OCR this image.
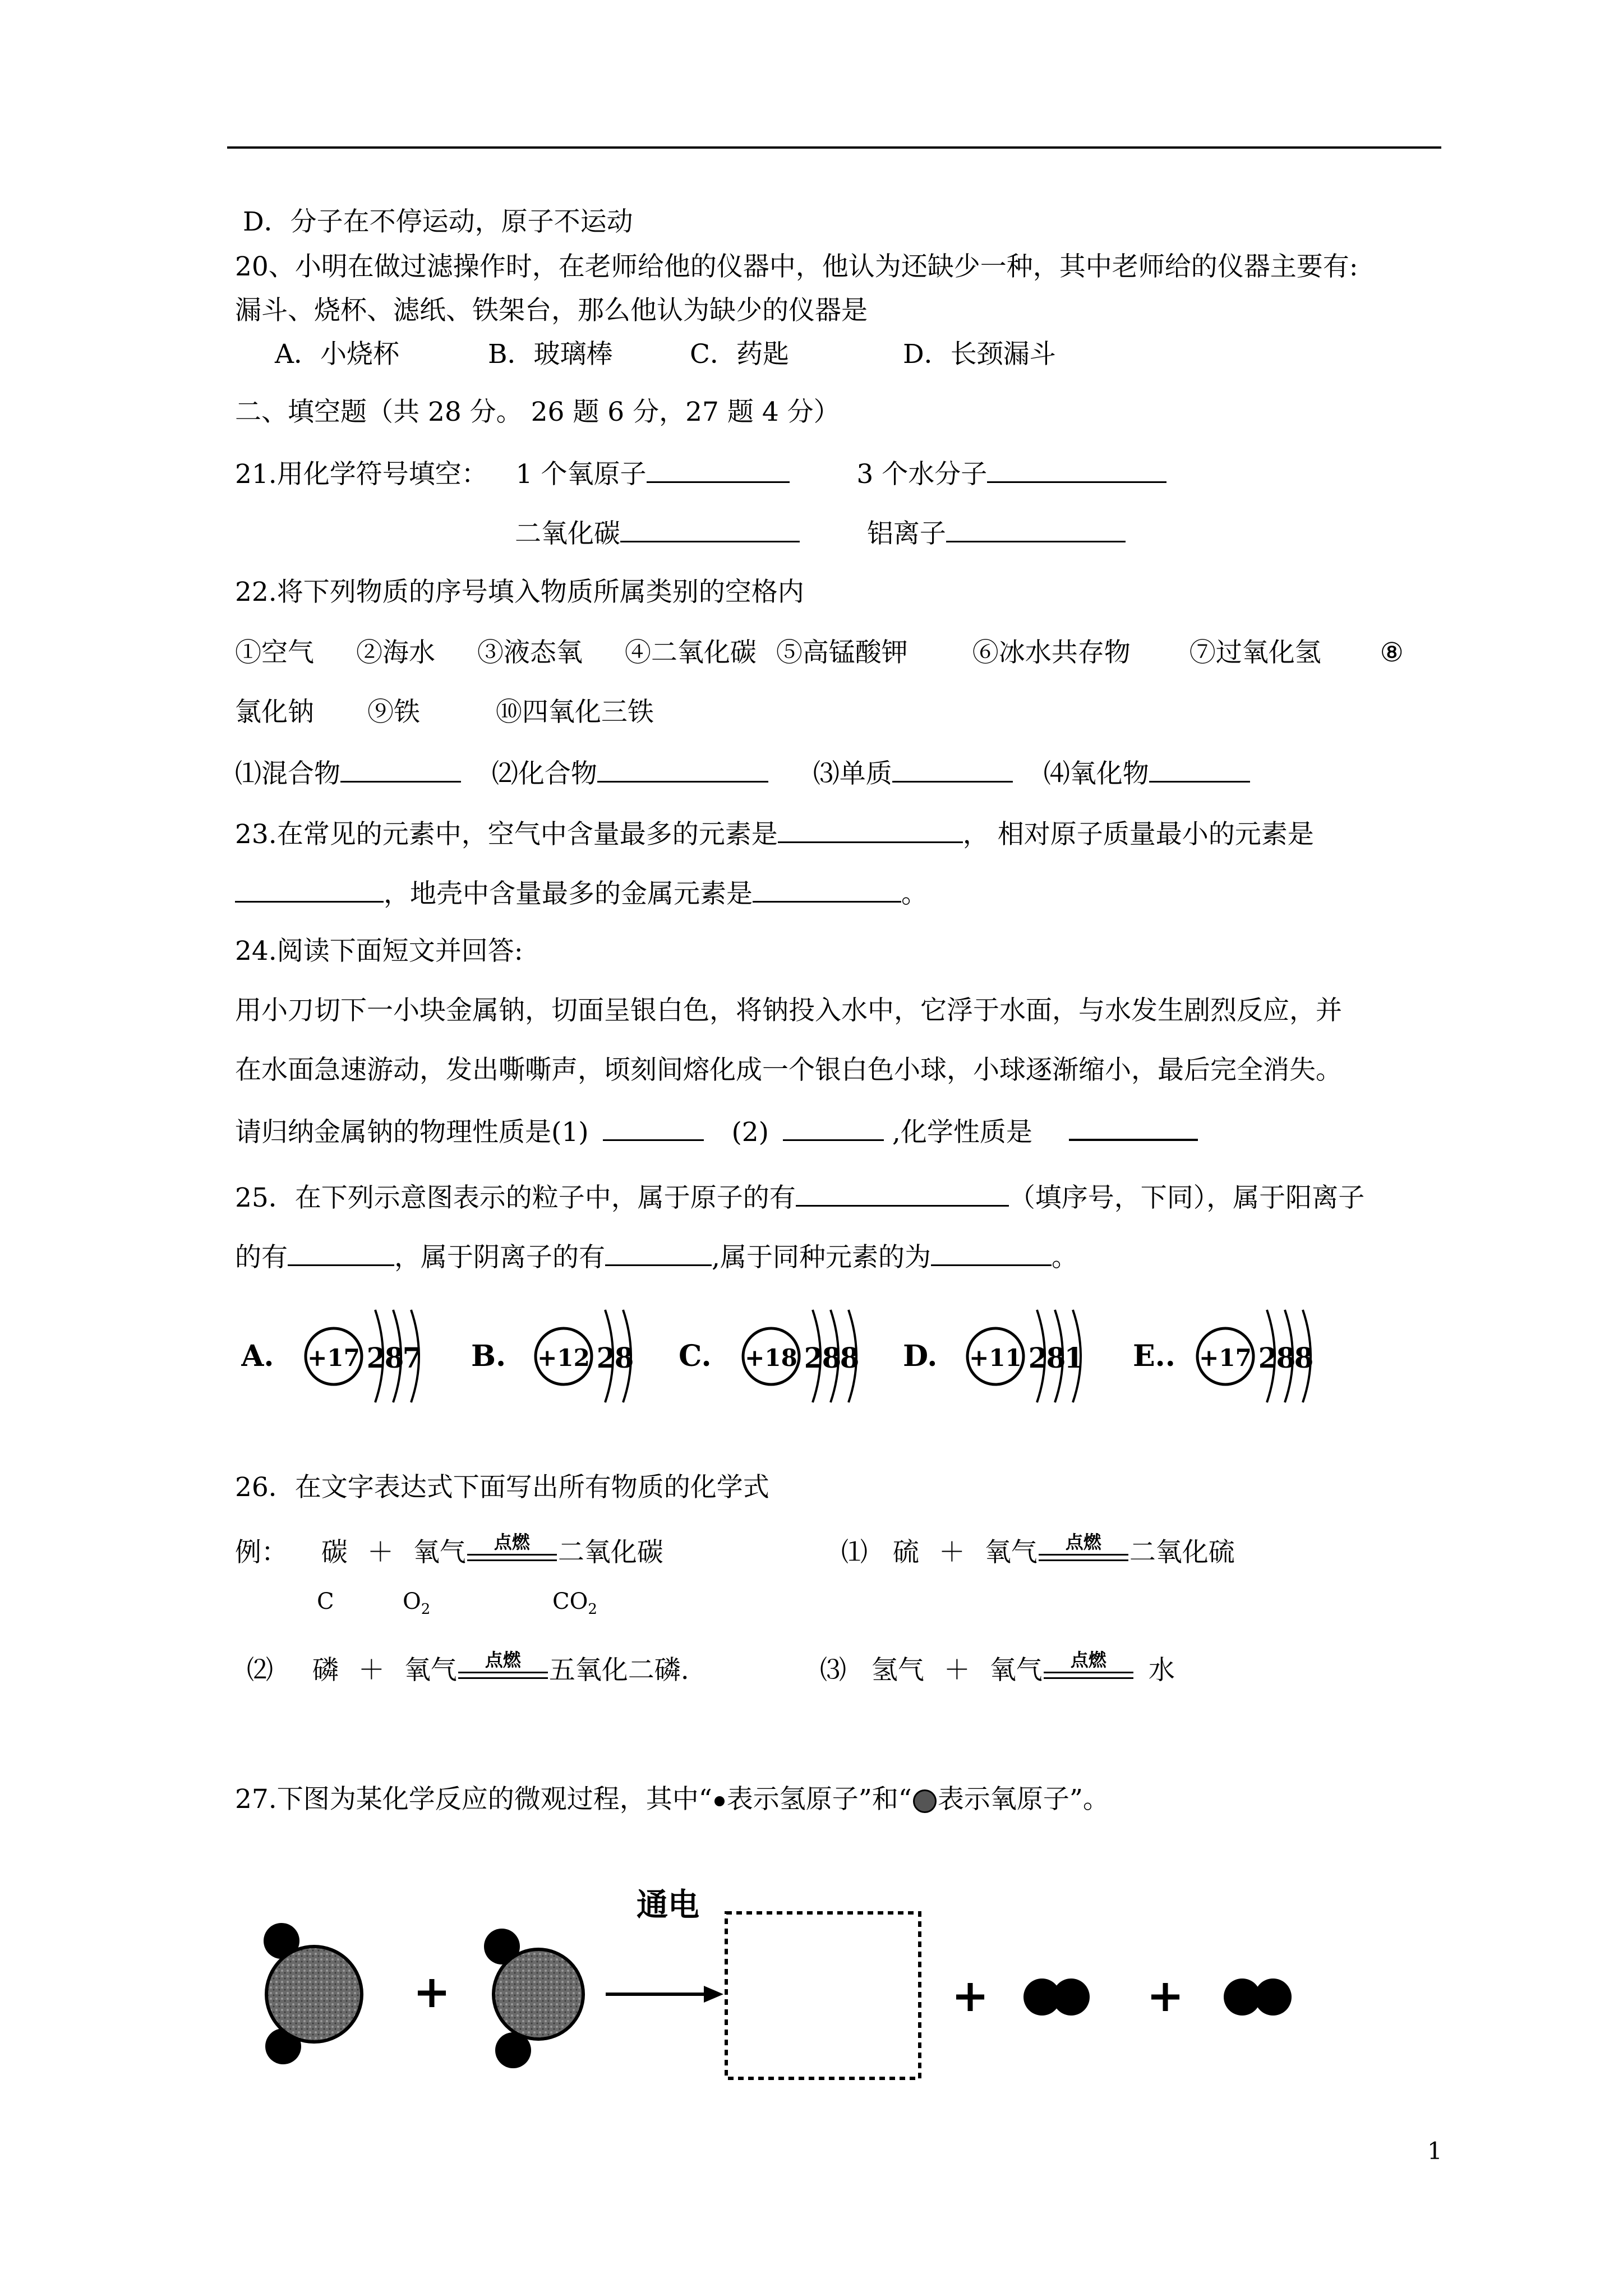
D．分子在不停运动，原子不运动
20、小明在做过滤操作时，在老师给他的仪器中，他认为还缺少一种，其中老师给的仪器主要有:
漏斗、烧杯、滤纸、铁架台，那么他认为缺少的仪器是
A．小烧杯	B．玻璃棒	C．药匙	D．长颈漏斗
二、填空题（共 28 分。 26 题 6 分，27 题 4 分）
21.用化学符号填空： 1 个氧原子	3 个水分子
二氧化碳	铝离子
22.将下列物质的序号填入物质所属类别的空格内
①空气 ②海水 ③液态氧 ④二氧化碳 ⑤高锰酸钾 ⑥冰水共存物 ⑦过氧化氢 ⑧
氯化钠 ⑨铁	⑩四氧化三铁
⑴混合物	⑵化合物	⑶单质	⑷氧化物
23.在常见的元素中，空气中含量最多的元素是	， 相对原子质量最小的元素是
，地壳中含量最多的金属元素是	。
24.阅读下面短文并回答:
用小刀切下一小块金属钠，切面呈银白色，将钠投入水中，它浮于水面，与水发生剧烈反应，并
在水面急速游动，发出嘶嘶声，顷刻间熔化成一个银白色小球，小球逐渐缩小，最后完全消失。
请归纳金属钠的物理性质是(1)	(2)	,化学性质是
25．在下列示意图表示的粒子中，属于原子的有	（填序号，下同），属于阳离子
的有	，属于阴离子的有	,属于同种元素的为	。
A. +17 2
8
7 B. +12 2
8 C. +18 2
8
8 D. +11 2
8
1 E.. +17 2
8
8
26．在文字表达式下面写出所有物质的化学式
例： 碳 ＋ 氧气	点燃	二氧化碳	⑴ 硫 ＋ 氧气	点燃	二氧化硫
C	$O_2$	$CO_2$
⑵ 磷 ＋ 氧气	点燃	五氧化二磷.	⑶ 氢气 ＋ 氧气	点燃	水
27.下图为某化学反应的微观过程，其中“ 表示氢原子”和“ 表示氧原子”。
+
通电
+	+
1
